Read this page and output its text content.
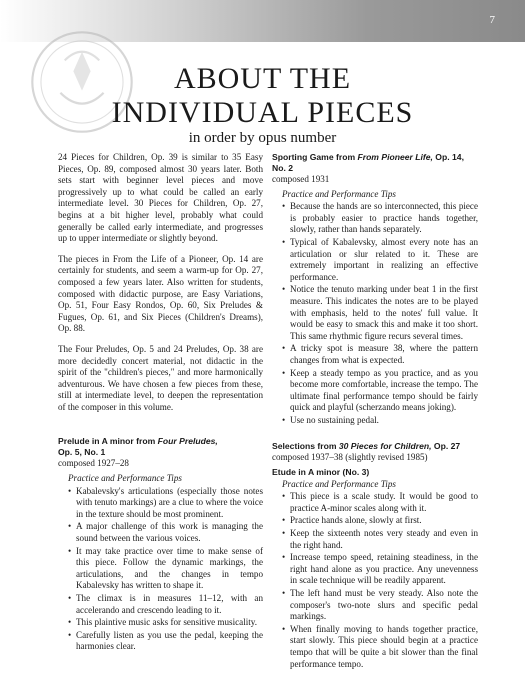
7
ABOUT THE
INDIVIDUAL PIECES
in order by opus number

24 Pieces for Children, Op. 39 is similar to 35 Easy Pieces, Op. 89, composed almost 30 years later. Both sets start with beginner level pieces and move progressively up to what could be called an early intermediate level. 30 Pieces for Children, Op. 27, begins at a bit higher level, probably what could generally be called early intermediate, and progresses up to upper intermediate or slightly beyond.

The pieces in From the Life of a Pioneer, Op. 14 are certainly for students, and seem a warm-up for Op. 27, composed a few years later. Also written for students, composed with didactic purpose, are Easy Variations, Op. 51, Four Easy Rondos, Op. 60, Six Preludes & Fugues, Op. 61, and Six Pieces (Children's Dreams), Op. 88.

The Four Preludes, Op. 5 and 24 Preludes, Op. 38 are more decidedly concert material, not didactic in the spirit of the "children's pieces," and more harmonically adventurous. We have chosen a few pieces from these, still at intermediate level, to deepen the representation of the composer in this volume.

Prelude in A minor from Four Preludes,
Op. 5, No. 1
composed 1927–28
Practice and Performance Tips
• Kabalevsky's articulations (especially those notes with tenuto markings) are a clue to where the voice in the texture should be most prominent.
• A major challenge of this work is managing the sound between the various voices.
• It may take practice over time to make sense of this piece. Follow the dynamic markings, the articulations, and the changes in tempo Kabalevsky has written to shape it.
• The climax is in measures 11–12, with an accelerando and crescendo leading to it.
• This plaintive music asks for sensitive musicality.
• Carefully listen as you use the pedal, keeping the harmonies clear.
Sporting Game from From Pioneer Life, Op. 14, No. 2
composed 1931
Practice and Performance Tips
• Because the hands are so interconnected, this piece is probably easier to practice hands together, slowly, rather than hands separately.
• Typical of Kabalevsky, almost every note has an articulation or slur related to it. These are extremely important in realizing an effective performance.
• Notice the tenuto marking under beat 1 in the first measure. This indicates the notes are to be played with emphasis, held to the notes' full value. It would be easy to smack this and make it too short. This same rhythmic figure recurs several times.
• A tricky spot is measure 38, where the pattern changes from what is expected.
• Keep a steady tempo as you practice, and as you become more comfortable, increase the tempo. The ultimate final performance tempo should be fairly quick and playful (scherzando means joking).
• Use no sustaining pedal.
Selections from 30 Pieces for Children, Op. 27
composed 1937–38 (slightly revised 1985)
Etude in A minor (No. 3)
Practice and Performance Tips
• This piece is a scale study. It would be good to practice A-minor scales along with it.
• Practice hands alone, slowly at first.
• Keep the sixteenth notes very steady and even in the right hand.
• Increase tempo speed, retaining steadiness, in the right hand alone as you practice. Any unevenness in scale technique will be readily apparent.
• The left hand must be very steady. Also note the composer's two-note slurs and specific pedal markings.
• When finally moving to hands together practice, start slowly. This piece should begin at a practice tempo that will be quite a bit slower than the final performance tempo.
